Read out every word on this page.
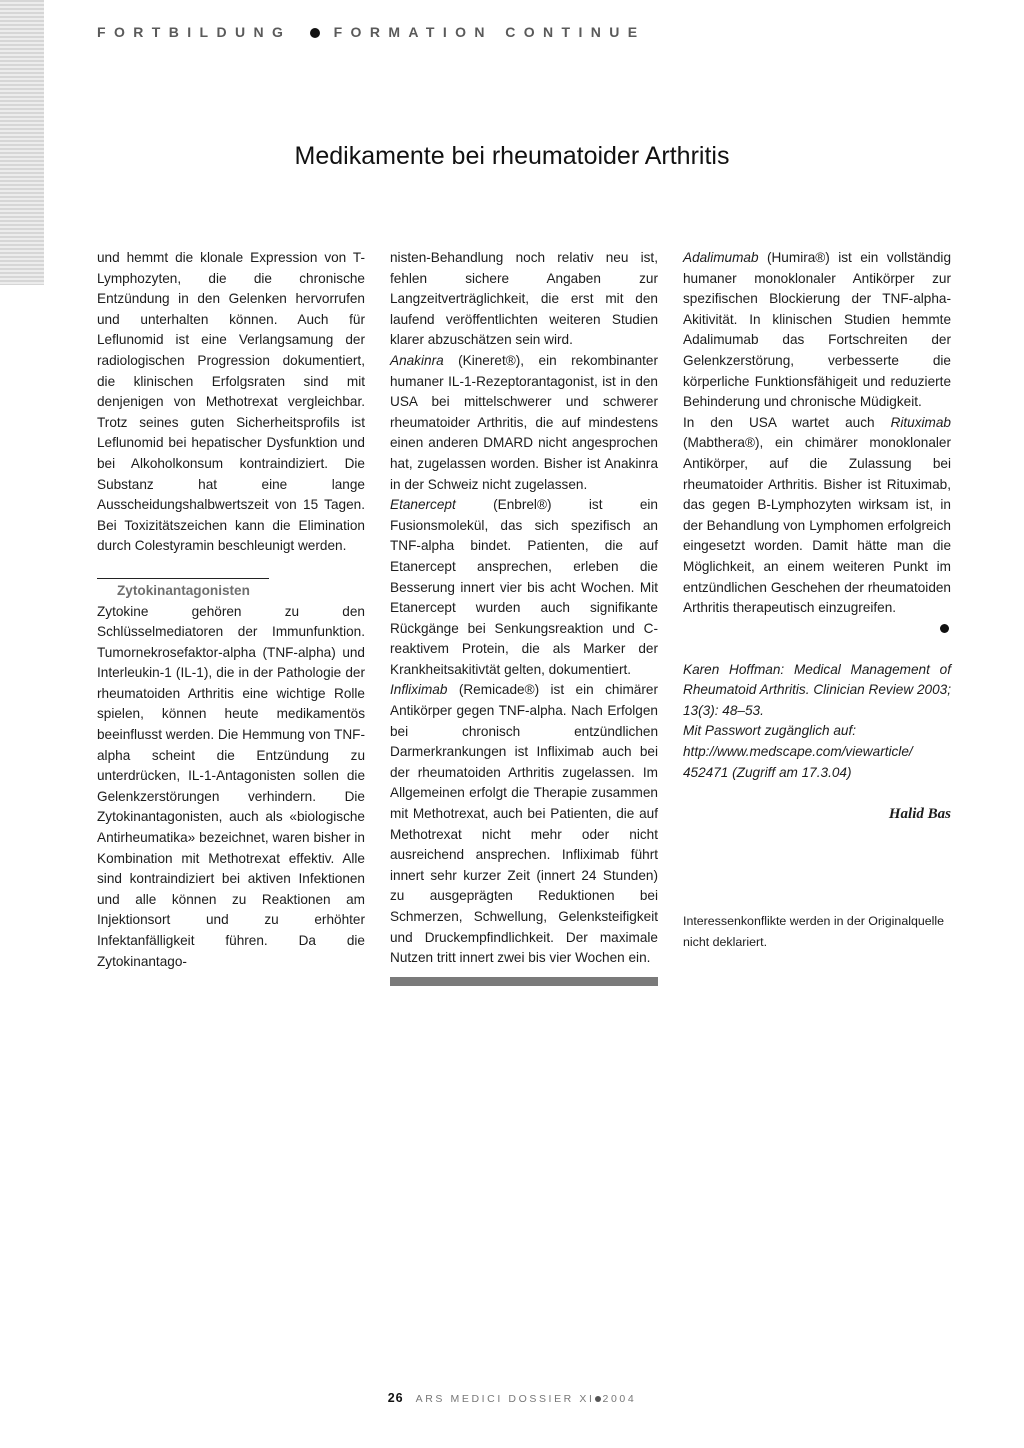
FORTBILDUNG	FORMATION CONTINUE
Medikamente bei rheumatoider Arthritis

und hemmt die klonale Expression von T-Lymphozyten, die die chronische Entzündung in den Gelenken hervorrufen und unterhalten können. Auch für Leflunomid ist eine Verlangsamung der radiologischen Progression dokumentiert, die klinischen Erfolgsraten sind mit denjenigen von Methotrexat vergleichbar. Trotz seines guten Sicherheitsprofils ist Leflunomid bei hepatischer Dysfunktion und bei Alkoholkonsum kontraindiziert. Die Substanz hat eine lange Ausscheidungshalbwertszeit von 15 Tagen. Bei Toxizitätszeichen kann die Elimination durch Colestyramin beschleunigt werden.

Zytokinantagonisten

Zytokine gehören zu den Schlüsselmediatoren der Immunfunktion. Tumornekrosefaktor-alpha (TNF-alpha) und Interleukin-1 (IL-1), die in der Pathologie der rheumatoiden Arthritis eine wichtige Rolle spielen, können heute medikamentös beeinflusst werden. Die Hemmung von TNF-alpha scheint die Entzündung zu unterdrücken, IL-1-Antagonisten sollen die Gelenkzerstörungen verhindern. Die Zytokinantagonisten, auch als «biologische Antirheumatika» bezeichnet, waren bisher in Kombination mit Methotrexat effektiv. Alle sind kontraindiziert bei aktiven Infektionen und alle können zu Reaktionen am Injektionsort und zu erhöhter Infektanfälligkeit führen. Da die Zytokinantago-

nisten-Behandlung noch relativ neu ist, fehlen sichere Angaben zur Langzeitverträglichkeit, die erst mit den laufend veröffentlichten weiteren Studien klarer abzuschätzen sein wird.

Anakinra (Kineret®), ein rekombinanter humaner IL-1-Rezeptorantagonist, ist in den USA bei mittelschwerer und schwerer rheumatoider Arthritis, die auf mindestens einen anderen DMARD nicht angesprochen hat, zugelassen worden. Bisher ist Anakinra in der Schweiz nicht zugelassen.

Etanercept (Enbrel®) ist ein Fusionsmolekül, das sich spezifisch an TNF-alpha bindet. Patienten, die auf Etanercept ansprechen, erleben die Besserung innert vier bis acht Wochen. Mit Etanercept wurden auch signifikante Rückgänge bei Senkungsreaktion und C-reaktivem Protein, die als Marker der Krankheitsakitivtät gelten, dokumentiert.

Infliximab (Remicade®) ist ein chimärer Antikörper gegen TNF-alpha. Nach Erfolgen bei chronisch entzündlichen Darmerkrankungen ist Infliximab auch bei der rheumatoiden Arthritis zugelassen. Im Allgemeinen erfolgt die Therapie zusammen mit Methotrexat, auch bei Patienten, die auf Methotrexat nicht mehr oder nicht ausreichend ansprechen. Infliximab führt innert sehr kurzer Zeit (innert 24 Stunden) zu ausgeprägten Reduktionen bei Schmerzen, Schwellung, Gelenksteifigkeit und Druckempfindlichkeit. Der maximale Nutzen tritt innert zwei bis vier Wochen ein.

Adalimumab (Humira®) ist ein vollständig humaner monoklonaler Antikörper zur spezifischen Blockierung der TNF-alpha-Akitivität. In klinischen Studien hemmte Adalimumab das Fortschreiten der Gelenkzerstörung, verbesserte die körperliche Funktionsfähigeit und reduzierte Behinderung und chronische Müdigkeit.

In den USA wartet auch Rituximab (Mabthera®), ein chimärer monoklonaler Antikörper, auf die Zulassung bei rheumatoider Arthritis. Bisher ist Rituximab, das gegen B-Lymphozyten wirksam ist, in der Behandlung von Lymphomen erfolgreich eingesetzt worden. Damit hätte man die Möglichkeit, an einem weiteren Punkt im entzündlichen Geschehen der rheumatoiden Arthritis therapeutisch einzugreifen.

Karen Hoffman: Medical Management of Rheumatoid Arthritis. Clinician Review 2003; 13(3): 48–53.
Mit Passwort zugänglich auf:
http://www.medscape.com/viewarticle/
452471 (Zugriff am 17.3.04)
Halid Bas
Interessenkonflikte werden in der Originalquelle nicht deklariert.
26 ARS MEDICI DOSSIER XI 2004
